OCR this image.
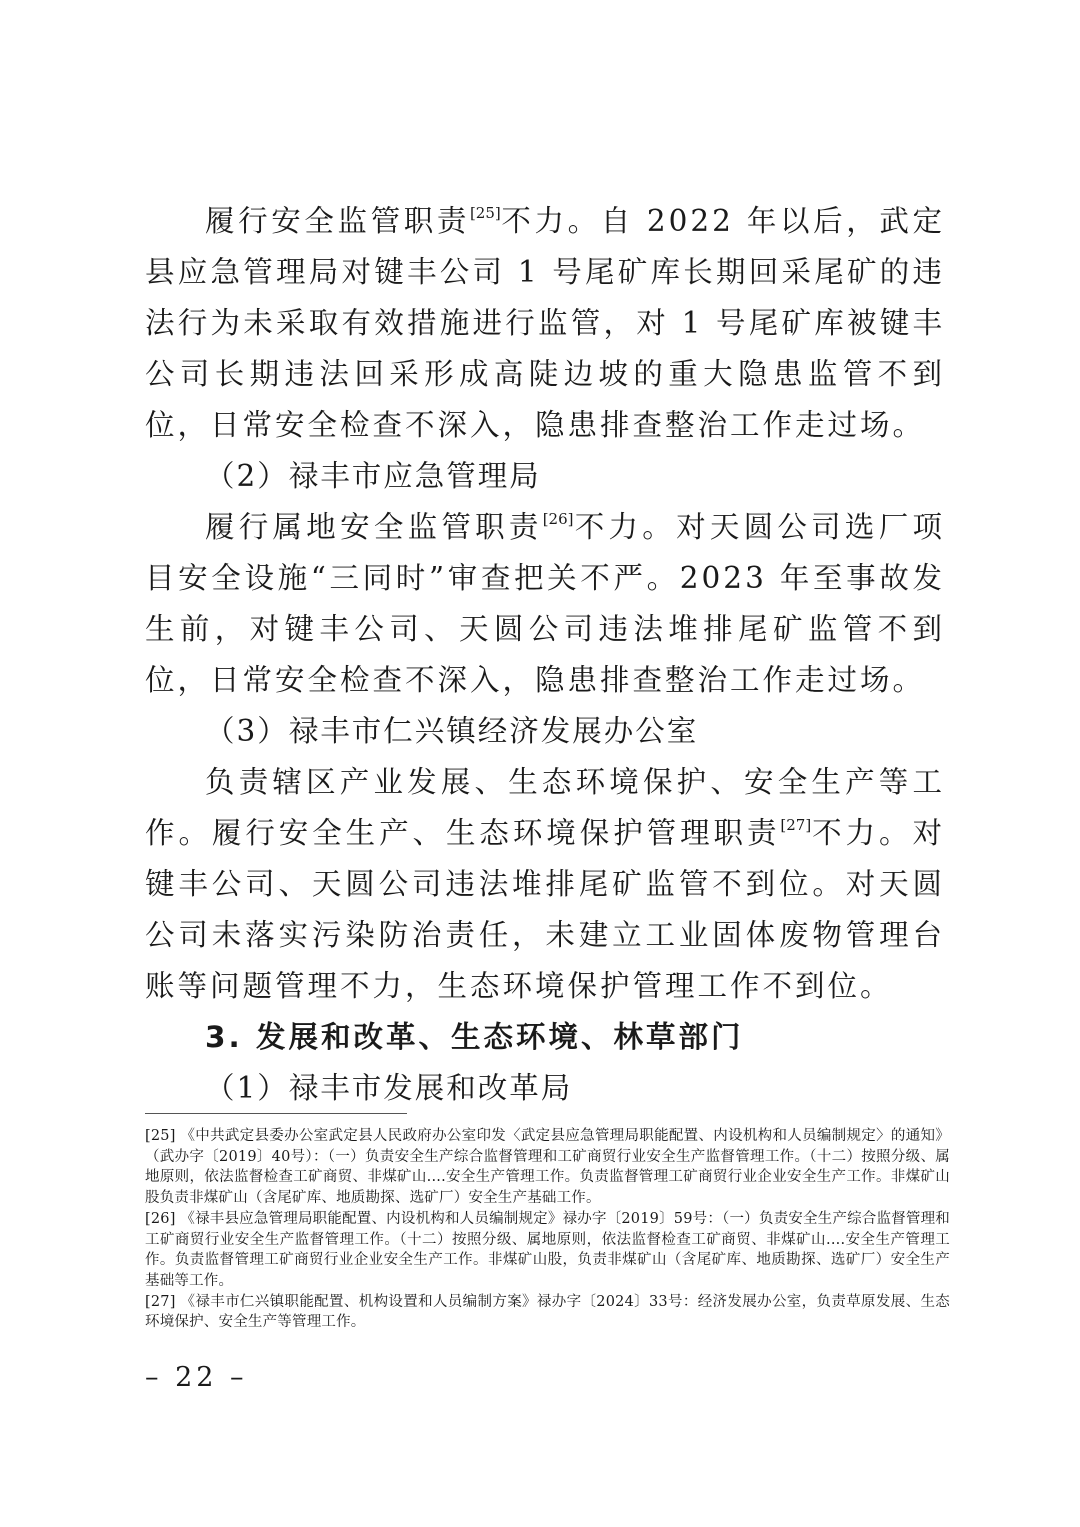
履行安全监管职责[25]不力。自 2022 年以后，武定县应急管理局对键丰公司 1 号尾矿库长期回采尾矿的违法行为未采取有效措施进行监管，对 1 号尾矿库被键丰公司长期违法回采形成高陡边坡的重大隐患监管不到位，日常安全检查不深入，隐患排查整治工作走过场。

（2）禄丰市应急管理局

履行属地安全监管职责[26]不力。对天圆公司选厂项目安全设施“三同时”审查把关不严。2023 年至事故发生前，对键丰公司、天圆公司违法堆排尾矿监管不到位，日常安全检查不深入，隐患排查整治工作走过场。

（3）禄丰市仁兴镇经济发展办公室

负责辖区产业发展、生态环境保护、安全生产等工作。履行安全生产、生态环境保护管理职责[27]不力。对键丰公司、天圆公司违法堆排尾矿监管不到位。对天圆公司未落实污染防治责任，未建立工业固体废物管理台账等问题管理不力，生态环境保护管理工作不到位。

3. 发展和改革、生态环境、林草部门

（1）禄丰市发展和改革局

[25] 《中共武定县委办公室武定县人民政府办公室印发〈武定县应急管理局职能配置、内设机构和人员编制规定〉的通知》（武办字〔2019〕40号）：（一）负责安全生产综合监督管理和工矿商贸行业安全生产监督管理工作。（十二）按照分级、属地原则，依法监督检查工矿商贸、非煤矿山....安全生产管理工作。负责监督管理工矿商贸行业企业安全生产工作。非煤矿山股负责非煤矿山（含尾矿库、地质勘探、选矿厂）安全生产基础工作。

[26] 《禄丰县应急管理局职能配置、内设机构和人员编制规定》禄办字〔2019〕59号：（一）负责安全生产综合监督管理和工矿商贸行业安全生产监督管理工作。（十二）按照分级、属地原则，依法监督检查工矿商贸、非煤矿山....安全生产管理工作。负责监督管理工矿商贸行业企业安全生产工作。非煤矿山股，负责非煤矿山（含尾矿库、地质勘探、选矿厂）安全生产基础等工作。

[27] 《禄丰市仁兴镇职能配置、机构设置和人员编制方案》禄办字〔2024〕33号：经济发展办公室，负责草原发展、生态环境保护、安全生产等管理工作。

– 22 –
